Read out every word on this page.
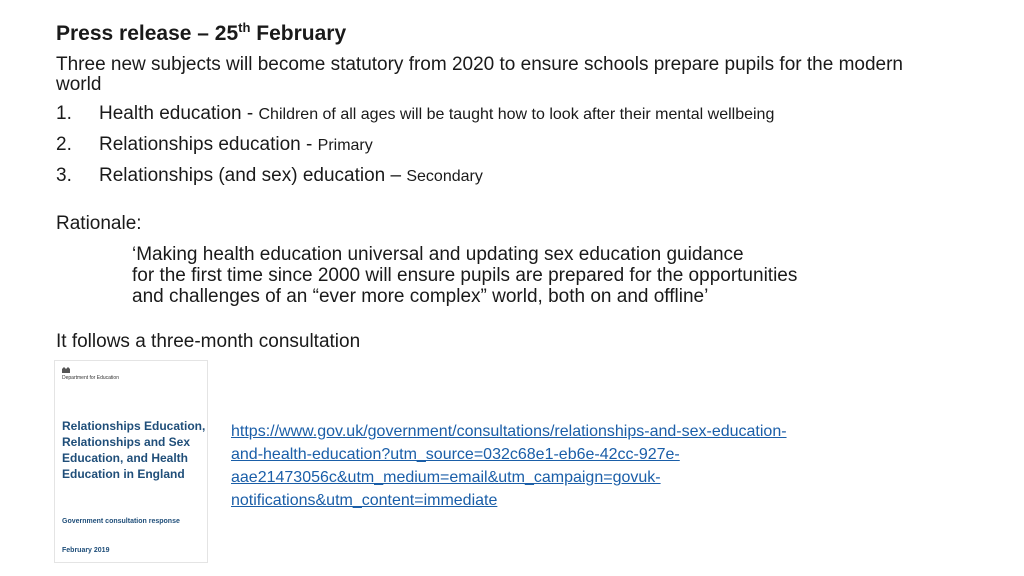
Press release – 25th February
Three new subjects will become statutory from 2020 to ensure schools prepare pupils for the modern world
1. Health education - Children of all ages will be taught how to look after their mental wellbeing
2. Relationships education - Primary
3. Relationships (and sex) education – Secondary
Rationale:
‘Making health education universal and updating sex education guidance
for the first time since 2000 will ensure pupils are prepared for the opportunities
and challenges of an “ever more complex” world, both on and offline’
It follows a three-month consultation
Department for Education
Relationships Education, Relationships and Sex Education, and Health Education in England
Government consultation response
February 2019
https://www.gov.uk/government/consultations/relationships-and-sex-education-
and-health-education?utm_source=032c68e1-eb6e-42cc-927e-
aae21473056c&utm_medium=email&utm_campaign=govuk-
notifications&utm_content=immediate
